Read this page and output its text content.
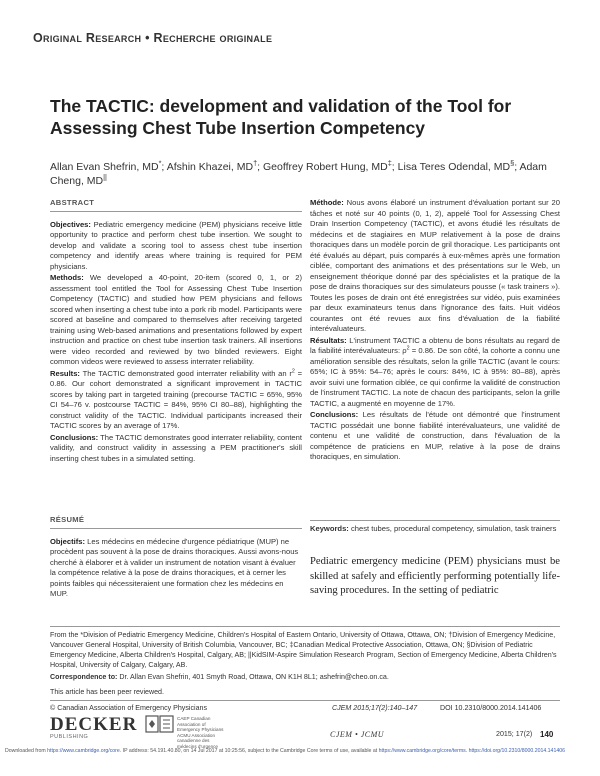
Original Research • Recherche originale
The TACTIC: development and validation of the Tool for Assessing Chest Tube Insertion Competency
Allan Evan Shefrin, MD*; Afshin Khazei, MD†; Geoffrey Robert Hung, MD‡; Lisa Teres Odendal, MD§; Adam Cheng, MD||
ABSTRACT

Objectives: Pediatric emergency medicine (PEM) physicians receive little opportunity to practice and perform chest tube insertion. We sought to develop and validate a scoring tool to assess chest tube insertion competency and identify areas where training is required for PEM physicians.

Methods: We developed a 40-point, 20-item (scored 0, 1, or 2) assessment tool entitled the Tool for Assessing Chest Tube Insertion Competency (TACTIC) and studied how PEM physicians and fellows scored when inserting a chest tube into a pork rib model. Participants were scored at baseline and compared to themselves after receiving targeted training using Web-based animations and presentations followed by expert instruction and practice on chest tube insertion task trainers. All insertions were video recorded and reviewed by two blinded reviewers. Eight common videos were reviewed to assess interrater reliability.

Results: The TACTIC demonstrated good interrater reliability with an $r^2 = 0.86$. Our cohort demonstrated a significant improvement in TACTIC scores by taking part in targeted training (precourse TACTIC = 65%, 95% CI 54–76 v. postcourse TACTIC = 84%, 95% CI 80–88), highlighting the construct validity of the TACTIC. Individual participants increased their TACTIC scores by an average of 17%.

Conclusions: The TACTIC demonstrates good interrater reliability, content validity, and construct validity in assessing a PEM practitioner's skill inserting chest tubes in a simulated setting.

Méthode: Nous avons élaboré un instrument d'évaluation portant sur 20 tâches et noté sur 40 points (0, 1, 2), appelé Tool for Assessing Chest Drain Insertion Competency (TACTIC), et avons étudié les résultats de médecins et de stagiaires en MUP relativement à la pose de drains thoraciques dans un modèle porcin de gril thoracique. Les participants ont été évalués au départ, puis comparés à eux-mêmes après une formation ciblée, comportant des animations et des présentations sur le Web, un enseignement théorique donné par des spécialistes et la pratique de la pose de drains thoraciques sur des simulateurs pousse (« task trainers »). Toutes les poses de drain ont été enregistrées sur vidéo, puis examinées par deux examinateurs tenus dans l'ignorance des faits. Huit vidéos courantes ont été revues aux fins d'évaluation de la fiabilité interévaluateurs.

Résultats: L'instrument TACTIC a obtenu de bons résultats au regard de la fiabilité interévaluateurs: $\rho^2 = 0.86$. De son côté, la cohorte a connu une amélioration sensible des résultats, selon la grille TACTIC (avant le cours: 65%; IC à 95%: 54–76; après le cours: 84%, IC à 95%: 80–88), après avoir suivi une formation ciblée, ce qui confirme la validité de construction de l'instrument TACTIC. La note de chacun des participants, selon la grille TACTIC, a augmenté en moyenne de 17%.

Conclusions: Les résultats de l'étude ont démontré que l'instrument TACTIC possédait une bonne fiabilité interévaluateurs, une validité de contenu et une validité de construction, dans l'évaluation de la compétence de praticiens en MUP, relative à la pose de drains thoraciques, en simulation.

RÉSUMÉ

Objectifs: Les médecins en médecine d'urgence pédiatrique (MUP) ne procèdent pas souvent à la pose de drains thoraciques. Aussi avons-nous cherché à élaborer et à valider un instrument de notation visant à évaluer la compétence relative à la pose de drains thoraciques, et à cerner les points faibles qui nécessiteraient une formation chez les médecins en MUP.

Keywords: chest tubes, procedural competency, simulation, task trainers
Pediatric emergency medicine (PEM) physicians must be skilled at safely and efficiently performing potentially life-saving procedures. In the setting of pediatric
From the *Division of Pediatric Emergency Medicine, Children's Hospital of Eastern Ontario, University of Ottawa, Ottawa, ON; †Division of Emergency Medicine, Vancouver General Hospital, University of British Columbia, Vancouver, BC; ‡Canadian Medical Protective Association, Ottawa, ON; §Division of Pediatric Emergency Medicine, Alberta Children's Hospital, Calgary, AB; ||KidSIM-Aspire Simulation Research Program, Section of Emergency Medicine, Alberta Children's Hospital, University of Calgary, Calgary, AB.
Correspondence to: Dr. Allan Evan Shefrin, 401 Smyth Road, Ottawa, ON K1H 8L1; ashefrin@cheo.on.ca.
This article has been peer reviewed.
© Canadian Association of Emergency Physicians	CJEM 2015;17(2):140–147	DOI 10.2310/8000.2014.141406
DECKER
PUBLISHING
CAEP Canadian Association of Emergency Physicians ACMU Association canadienne des médecins d'urgence
CJEM • JCMU	2015; 17(2) 140
Downloaded from https://www.cambridge.org/core. IP address: 54.191.40.80, on 14 Jul 2017 at 10:25:56, subject to the Cambridge Core terms of use, available at https://www.cambridge.org/core/terms. https://doi.org/10.2310/8000.2014.141406
